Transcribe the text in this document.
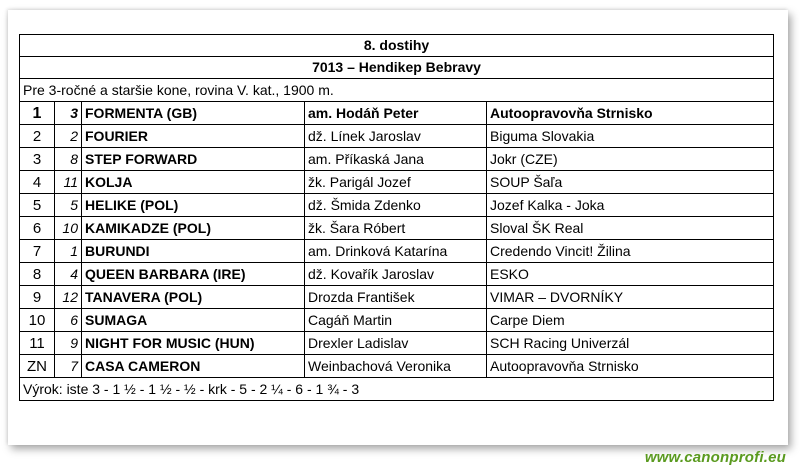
8. dostihy				
7013 – Hendikep Bebravy				
Pre 3-ročné a staršie kone, rovina V. kat., 1900 m.				
1	3	FORMENTA (GB)	am. Hodáň Peter	Autoopravovňa Strnisko
2	2	FOURIER	dž. Línek Jaroslav	Biguma Slovakia
3	8	STEP FORWARD	am. Příkaská Jana	Jokr (CZE)
4	11	KOLJA	žk. Parigál Jozef	SOUP Šaľa
5	5	HELIKE (POL)	dž. Šmida Zdenko	Jozef Kalka - Joka
6	10	KAMIKADZE (POL)	žk. Šara Róbert	Sloval ŠK Real
7	1	BURUNDI	am. Drinková Katarína	Credendo Vincit! Žilina
8	4	QUEEN BARBARA (IRE)	dž. Kovařík Jaroslav	ESKO
9	12	TANAVERA (POL)	Drozda František	VIMAR – DVORNÍKY
10	6	SUMAGA	Cagáň Martin	Carpe Diem
11	9	NIGHT FOR MUSIC (HUN)	Drexler Ladislav	SCH Racing Univerzál
ZN	7	CASA CAMERON	Weinbachová Veronika	Autoopravovňa Strnisko
Výrok: iste 3 - 1 ½ - 1 ½ - ½ - krk - 5 - 2 ¼ - 6 - 1 ¾ - 3				
www.canonprofi.eu
